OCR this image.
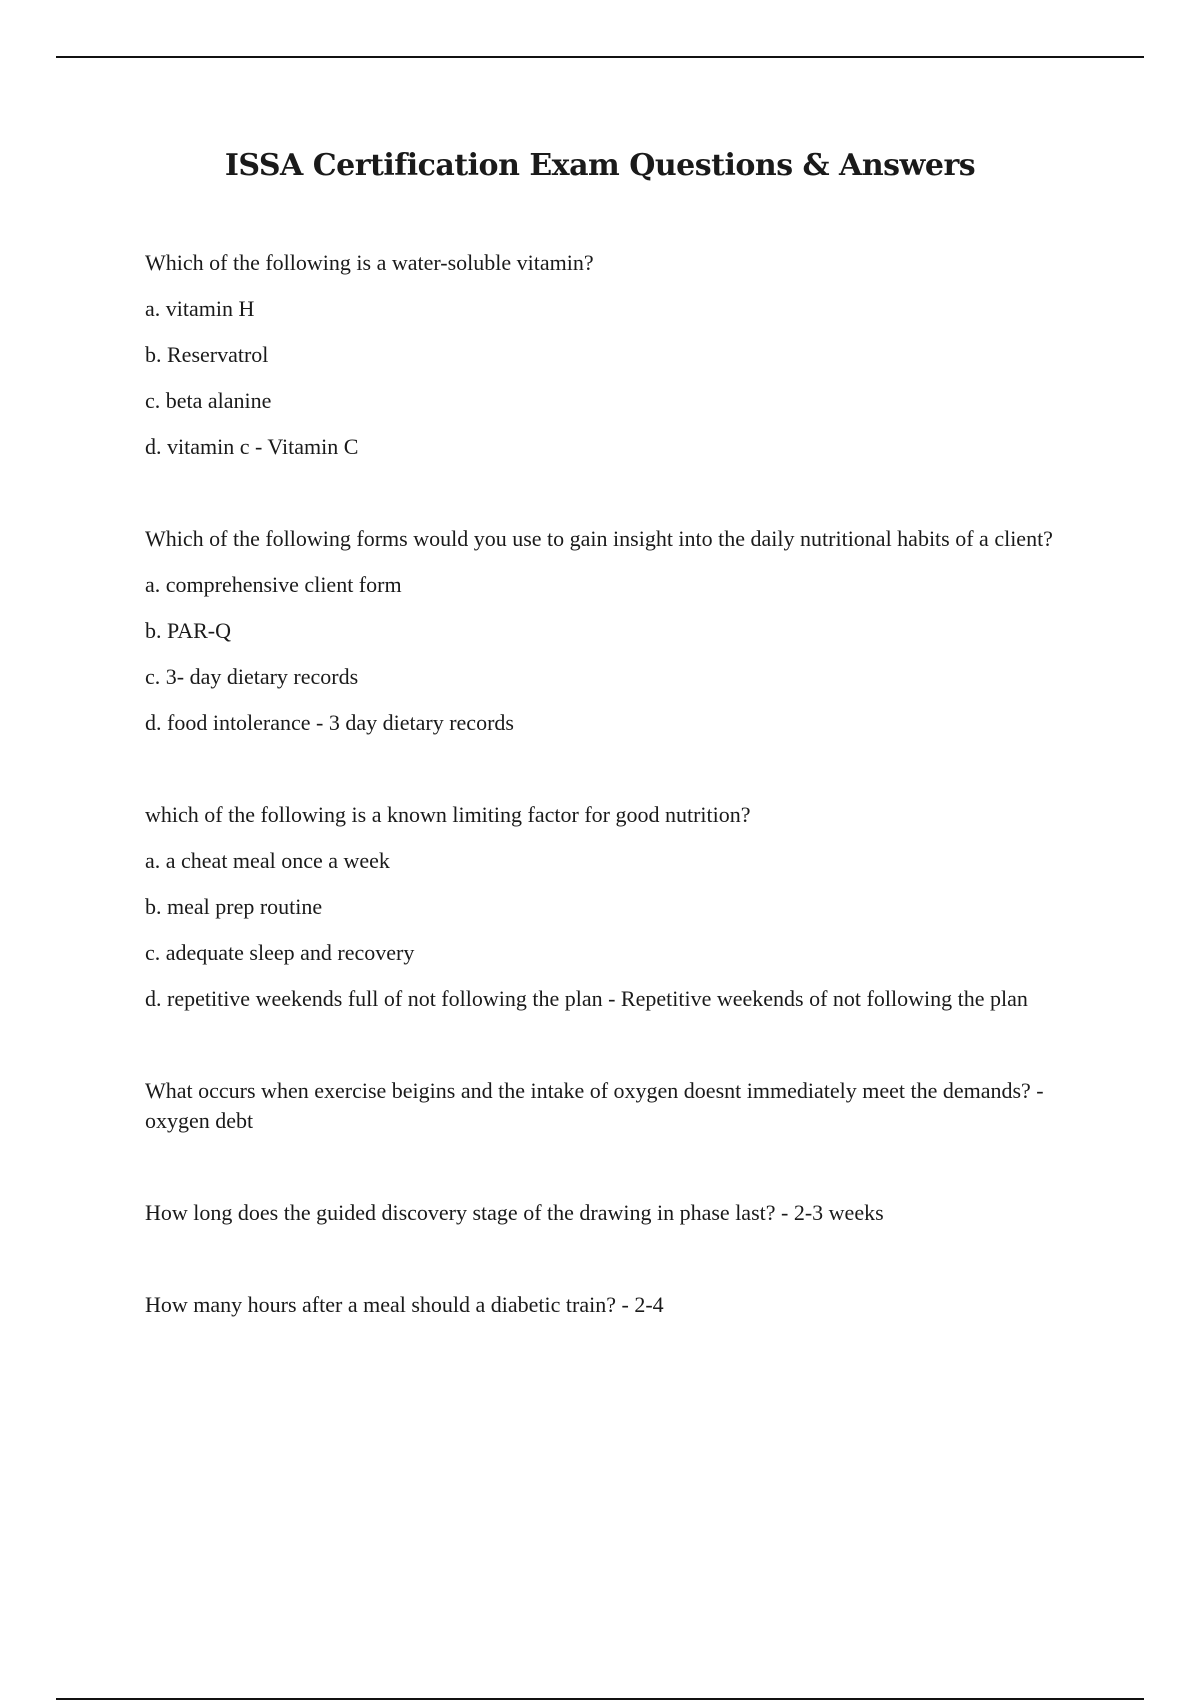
ISSA Certification Exam Questions & Answers

Which of the following is a water-soluble vitamin?

a. vitamin H

b. Reservatrol

c. beta alanine

d. vitamin c - Vitamin C

Which of the following forms would you use to gain insight into the daily nutritional habits of a client?

a. comprehensive client form

b. PAR-Q

c. 3- day dietary records

d. food intolerance - 3 day dietary records

which of the following is a known limiting factor for good nutrition?

a. a cheat meal once a week

b. meal prep routine

c. adequate sleep and recovery

d. repetitive weekends full of not following the plan - Repetitive weekends of not following the plan

What occurs when exercise beigins and the intake of oxygen doesnt immediately meet the demands? - oxygen debt

How long does the guided discovery stage of the drawing in phase last? - 2-3 weeks

How many hours after a meal should a diabetic train? - 2-4
